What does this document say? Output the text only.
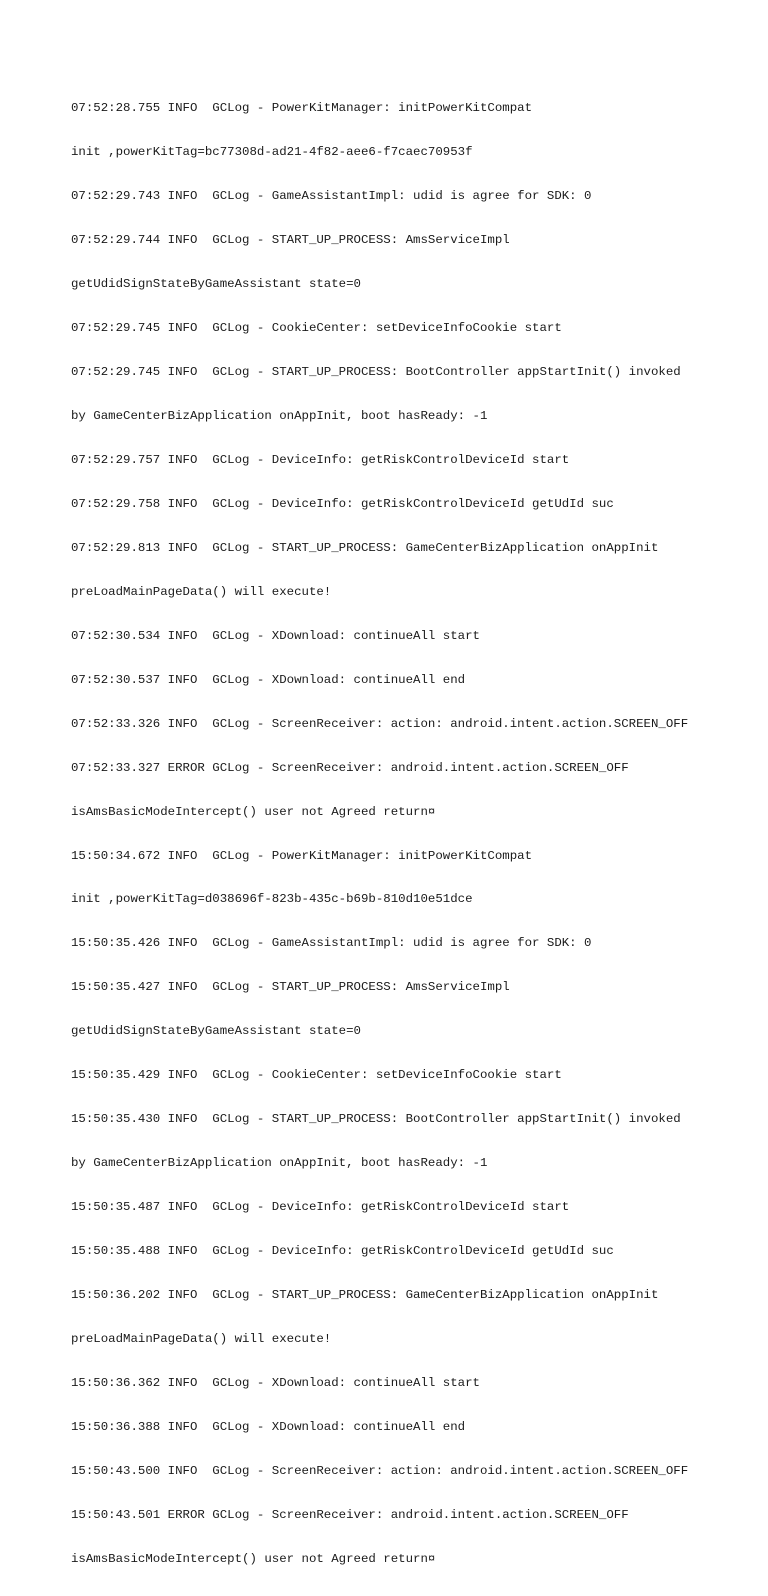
07:52:28.755 INFO  GCLog - PowerKitManager: initPowerKitCompat

init ,powerKitTag=bc77308d-ad21-4f82-aee6-f7caec70953f

07:52:29.743 INFO  GCLog - GameAssistantImpl: udid is agree for SDK: 0

07:52:29.744 INFO  GCLog - START_UP_PROCESS: AmsServiceImpl

getUdidSignStateByGameAssistant state=0

07:52:29.745 INFO  GCLog - CookieCenter: setDeviceInfoCookie start

07:52:29.745 INFO  GCLog - START_UP_PROCESS: BootController appStartInit() invoked

by GameCenterBizApplication onAppInit, boot hasReady: -1

07:52:29.757 INFO  GCLog - DeviceInfo: getRiskControlDeviceId start

07:52:29.758 INFO  GCLog - DeviceInfo: getRiskControlDeviceId getUdId suc

07:52:29.813 INFO  GCLog - START_UP_PROCESS: GameCenterBizApplication onAppInit

preLoadMainPageData() will execute!

07:52:30.534 INFO  GCLog - XDownload: continueAll start

07:52:30.537 INFO  GCLog - XDownload: continueAll end

07:52:33.326 INFO  GCLog - ScreenReceiver: action: android.intent.action.SCREEN_OFF

07:52:33.327 ERROR GCLog - ScreenReceiver: android.intent.action.SCREEN_OFF

isAmsBasicModeIntercept() user not Agreed return¤

15:50:34.672 INFO  GCLog - PowerKitManager: initPowerKitCompat

init ,powerKitTag=d038696f-823b-435c-b69b-810d10e51dce

15:50:35.426 INFO  GCLog - GameAssistantImpl: udid is agree for SDK: 0

15:50:35.427 INFO  GCLog - START_UP_PROCESS: AmsServiceImpl

getUdidSignStateByGameAssistant state=0

15:50:35.429 INFO  GCLog - CookieCenter: setDeviceInfoCookie start

15:50:35.430 INFO  GCLog - START_UP_PROCESS: BootController appStartInit() invoked

by GameCenterBizApplication onAppInit, boot hasReady: -1

15:50:35.487 INFO  GCLog - DeviceInfo: getRiskControlDeviceId start

15:50:35.488 INFO  GCLog - DeviceInfo: getRiskControlDeviceId getUdId suc

15:50:36.202 INFO  GCLog - START_UP_PROCESS: GameCenterBizApplication onAppInit

preLoadMainPageData() will execute!

15:50:36.362 INFO  GCLog - XDownload: continueAll start

15:50:36.388 INFO  GCLog - XDownload: continueAll end

15:50:43.500 INFO  GCLog - ScreenReceiver: action: android.intent.action.SCREEN_OFF

15:50:43.501 ERROR GCLog - ScreenReceiver: android.intent.action.SCREEN_OFF

isAmsBasicModeIntercept() user not Agreed return¤
